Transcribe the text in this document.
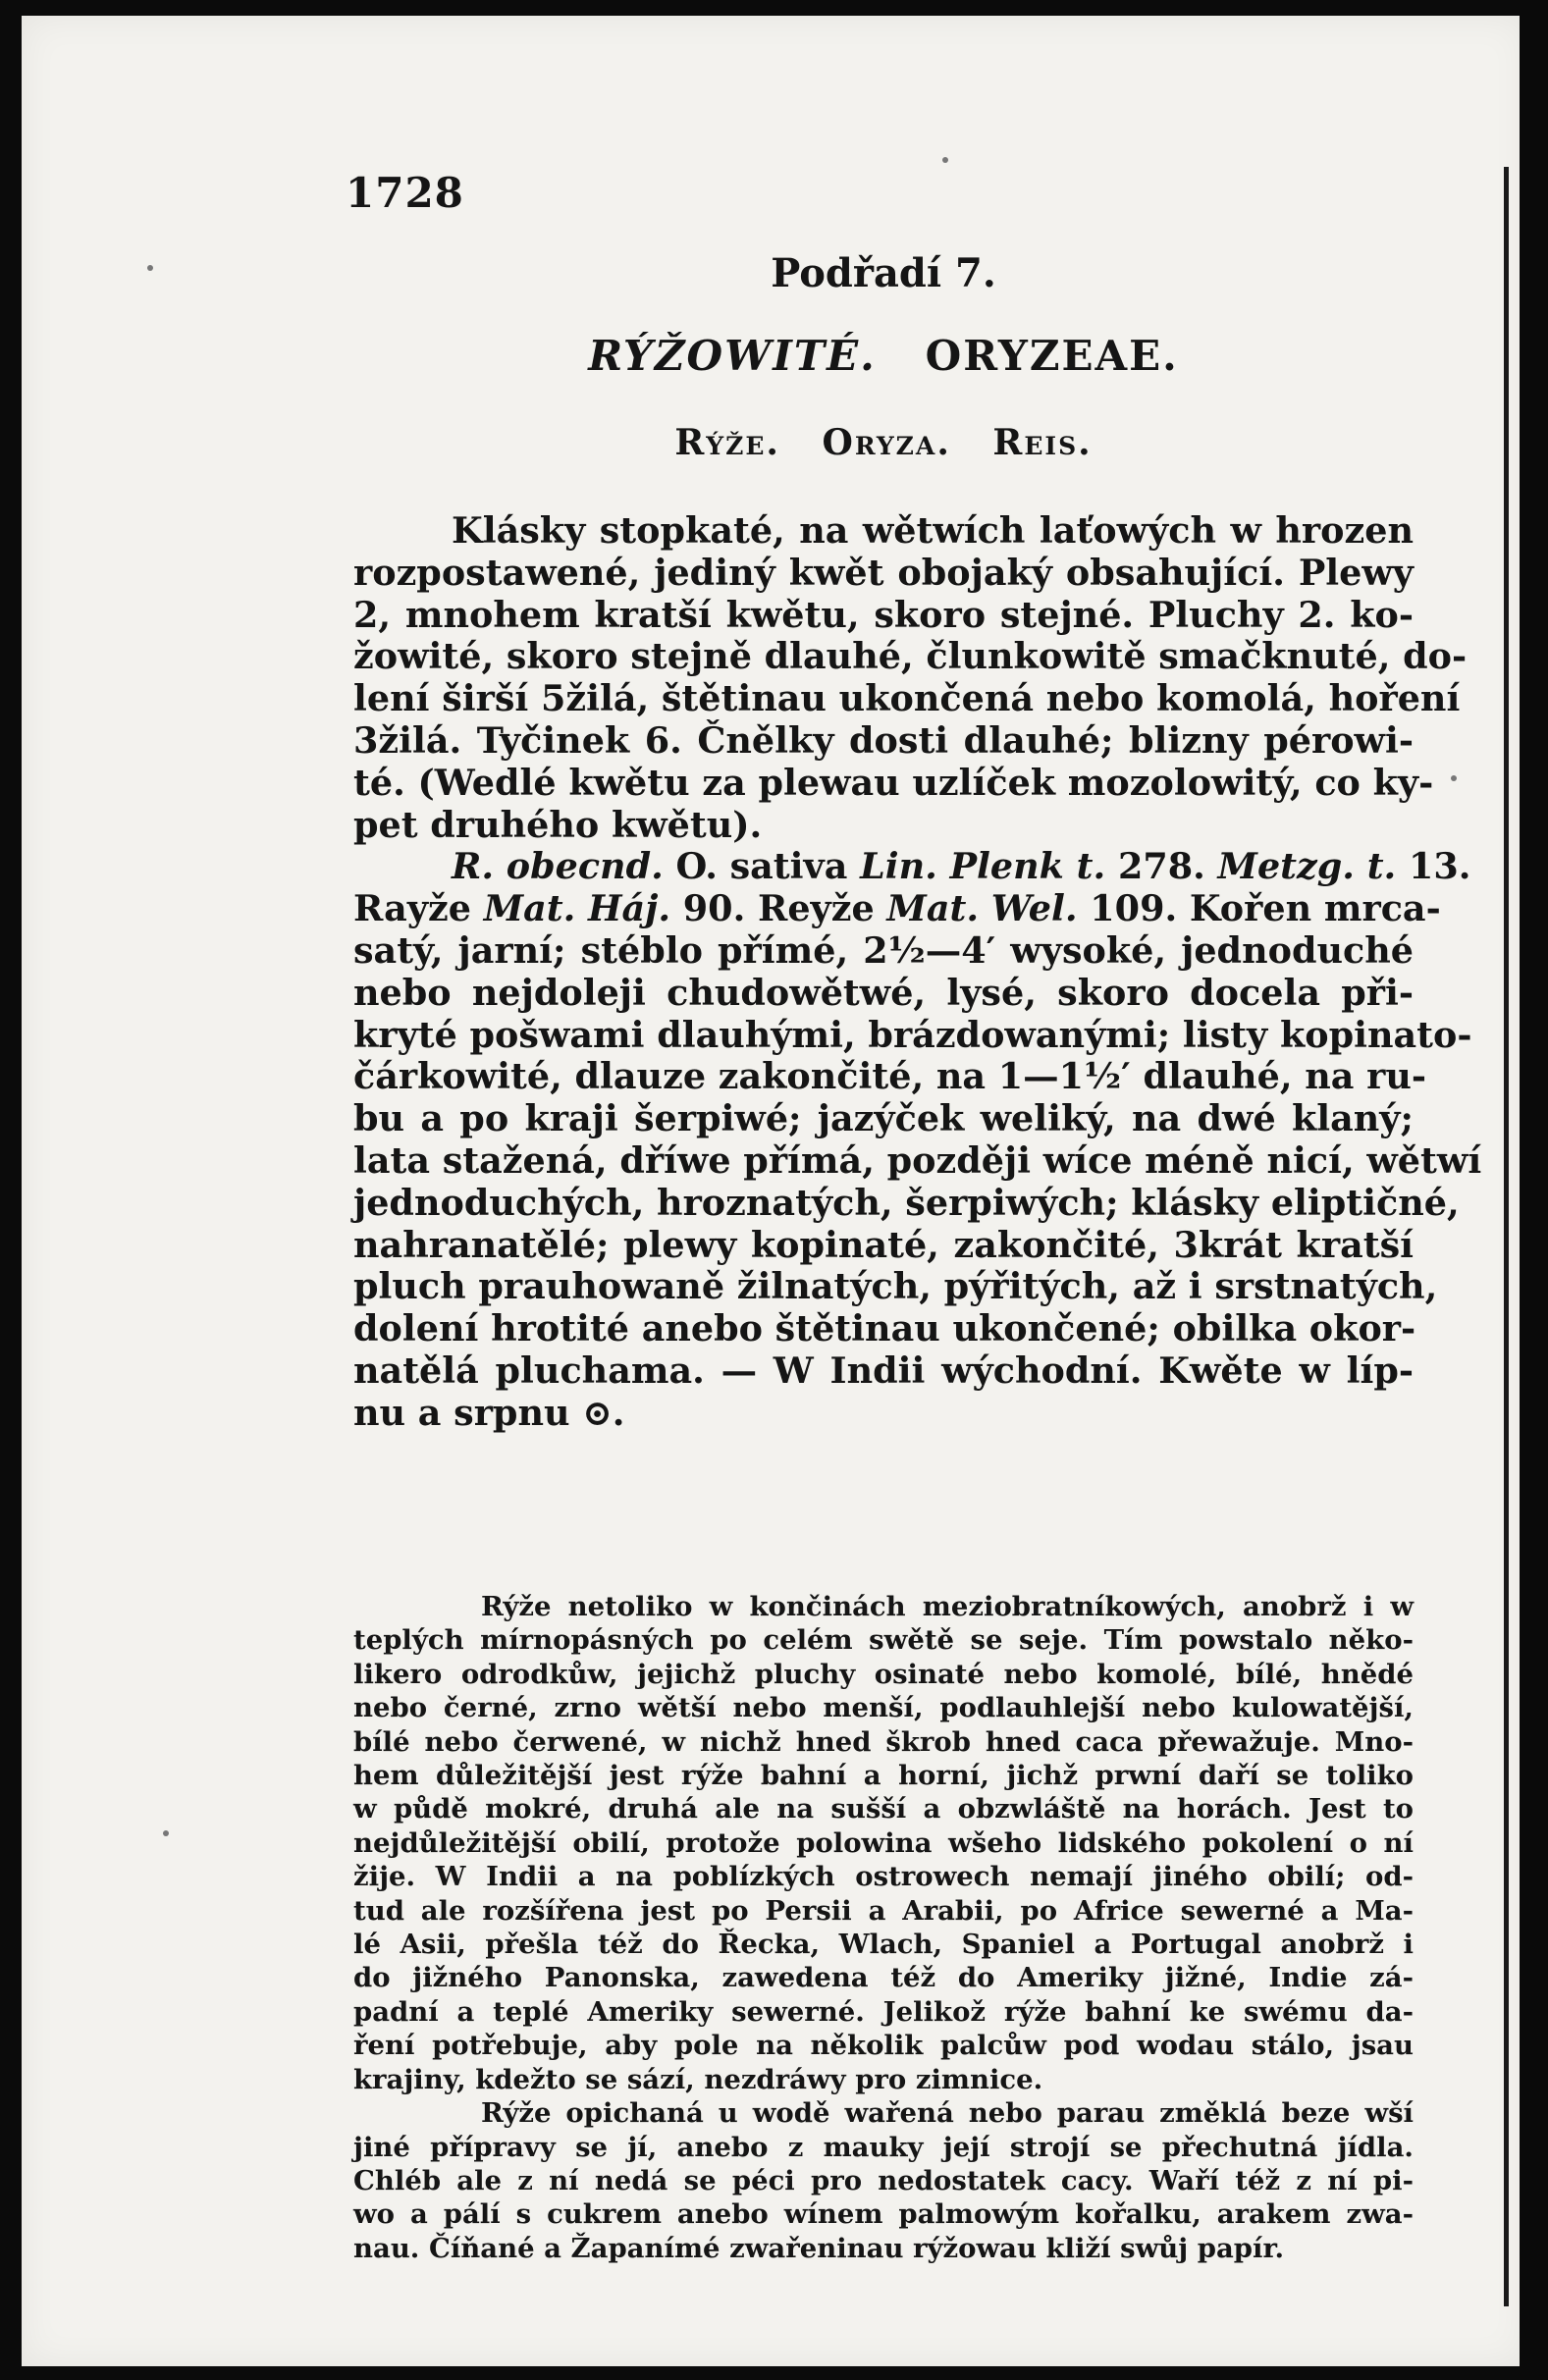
1728
Podřadí 7.
RÝŽOWITÉ. ORYZEAE.
Rýže. Oryza. Reis.
Klásky stopkaté, na wětwích laťowých w hrozen
rozpostawené, jediný kwět obojaký obsahující. Plewy
2, mnohem kratší kwětu, skoro stejné. Pluchy 2. ko-
žowité, skoro stejně dlauhé, člunkowitě smačknuté, do-
lení širší 5žilá, štětinau ukončená nebo komolá, hoření
3žilá. Tyčinek 6. Čnělky dosti dlauhé; blizny pérowi-
té. (Wedlé kwětu za plewau uzlíček mozolowitý, co ky-
pet druhého kwětu).
R. obecnd. O. sativa Lin. Plenk t. 278. Metzg. t. 13.
Rayže Mat. Háj. 90. Reyže Mat. Wel. 109. Kořen mrca-
satý, jarní; stéblo přímé, 2½—4′ wysoké, jednoduché
nebo nejdoleji chudowětwé, lysé, skoro docela při-
kryté pošwami dlauhými, brázdowanými; listy kopinato-
čárkowité, dlauze zakončité, na 1—1½′ dlauhé, na ru-
bu a po kraji šerpiwé; jazýček weliký, na dwé klaný;
lata stažená, dříwe přímá, později wíce méně nicí, wětwí
jednoduchých, hroznatých, šerpiwých; klásky eliptičné,
nahranatělé; plewy kopinaté, zakončité, 3krát kratší
pluch prauhowaně žilnatých, pýřitých, až i srstnatých,
dolení hrotité anebo štětinau ukončené; obilka okor-
natělá pluchama. — W Indii wýchodní. Kwěte w líp-
nu a srpnu ⊙.
Rýže netoliko w končinách meziobratníkowých, anobrž i w
teplých mírnopásných po celém swětě se seje. Tím powstalo něko-
likero odrodkůw, jejichž pluchy osinaté nebo komolé, bílé, hnědé
nebo černé, zrno wětší nebo menší, podlauhlejší nebo kulowatější,
bílé nebo čerwené, w nichž hned škrob hned caca přewažuje. Mno-
hem důležitější jest rýže bahní a horní, jichž prwní daří se toliko
w půdě mokré, druhá ale na sušší a obzwláště na horách. Jest to
nejdůležitější obilí, protože polowina wšeho lidského pokolení o ní
žije. W Indii a na poblízkých ostrowech nemají jiného obilí; od-
tud ale rozšířena jest po Persii a Arabii, po Africe sewerné a Ma-
lé Asii, přešla též do Řecka, Wlach, Spaniel a Portugal anobrž i
do jižného Panonska, zawedena též do Ameriky jižné, Indie zá-
padní a teplé Ameriky sewerné. Jelikož rýže bahní ke swému da-
ření potřebuje, aby pole na několik palcůw pod wodau stálo, jsau
krajiny, kdežto se sází, nezdráwy pro zimnice.
Rýže opichaná u wodě wařená nebo parau změklá beze wší
jiné přípravy se jí, anebo z mauky její strojí se přechutná jídla.
Chléb ale z ní nedá se péci pro nedostatek cacy. Waří též z ní pi-
wo a pálí s cukrem anebo wínem palmowým kořalku, arakem zwa-
nau. Číňané a Žapanímé zwařeninau rýžowau kliží swůj papír.
